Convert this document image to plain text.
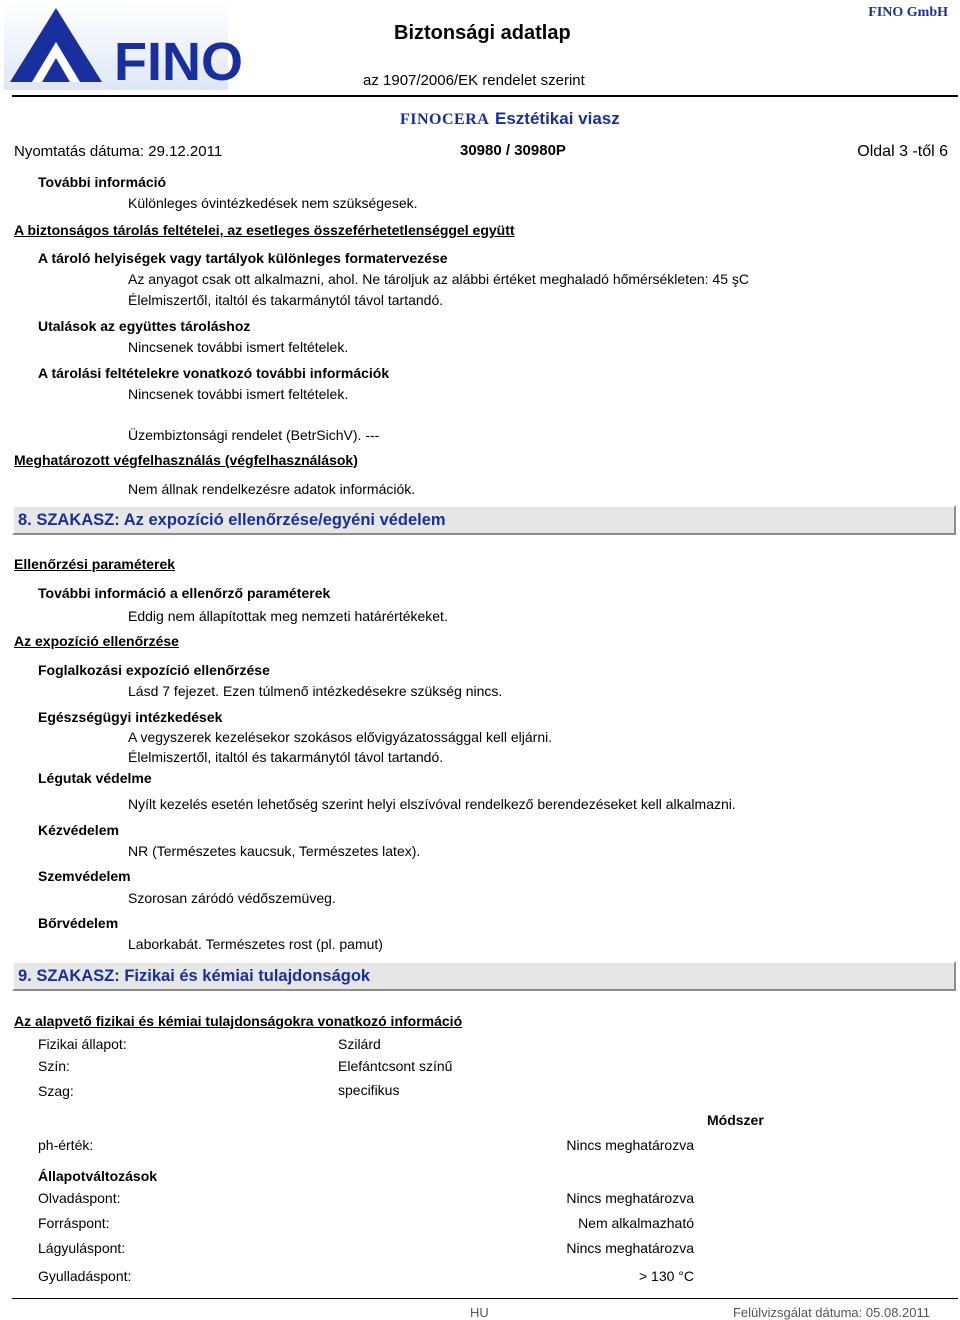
FINO	Biztonsági adatlap
FINO GmbH
az 1907/2006/EK rendelet szerint
FINOCERA Esztétikai viasz
Nyomtatás dátuma: 29.12.2011	30980 / 30980P	Oldal 3 -től 6
További információ
Különleges óvintézkedések nem szükségesek.
A biztonságos tárolás feltételei, az esetleges összeférhetetlenséggel együtt
A tároló helyiségek vagy tartályok különleges formatervezése
Az anyagot csak ott alkalmazni, ahol. Ne tároljuk az alábbi értéket meghaladó hőmérsékleten: 45 şC
Élelmiszertől, italtól és takarmánytól távol tartandó.
Utalások az együttes tároláshoz
Nincsenek további ismert feltételek.
A tárolási feltételekre vonatkozó további információk
Nincsenek további ismert feltételek.
Üzembiztonsági rendelet (BetrSichV). ---
Meghatározott végfelhasználás (végfelhasználások)
Nem állnak rendelkezésre adatok információk.
8. SZAKASZ: Az expozíció ellenőrzése/egyéni védelem
Ellenőrzési paraméterek
További információ a ellenőrző paraméterek
Eddig nem állapítottak meg nemzeti határértékeket.
Az expozíció ellenőrzése
Foglalkozási expozíció ellenőrzése
Lásd 7 fejezet. Ezen túlmenő intézkedésekre szükség nincs.
Egészségügyi intézkedések
A vegyszerek kezelésekor szokásos elővigyázatossággal kell eljárni.
Élelmiszertől, italtól és takarmánytól távol tartandó.
Légutak védelme
Nyílt kezelés esetén lehetőség szerint helyi elszívóval rendelkező berendezéseket kell alkalmazni.
Kézvédelem
NR (Természetes kaucsuk, Természetes latex).
Szemvédelem
Szorosan záródó védőszemüveg.
Bőrvédelem
Laborkabát. Természetes rost (pl. pamut)
9. SZAKASZ: Fizikai és kémiai tulajdonságok
Az alapvető fizikai és kémiai tulajdonságokra vonatkozó információ
Fizikai állapot:	Szilárd
Szín:	Elefántcsont színű
Szag:	specifikus
Módszer
ph-érték:	Nincs meghatározva
Állapotváltozások
Olvadáspont:	Nincs meghatározva
Forráspont:	Nem alkalmazható
Lágyuláspont:	Nincs meghatározva
Gyulladáspont:	> 130 °C
HU	Felülvizsgálat dátuma: 05.08.2011
